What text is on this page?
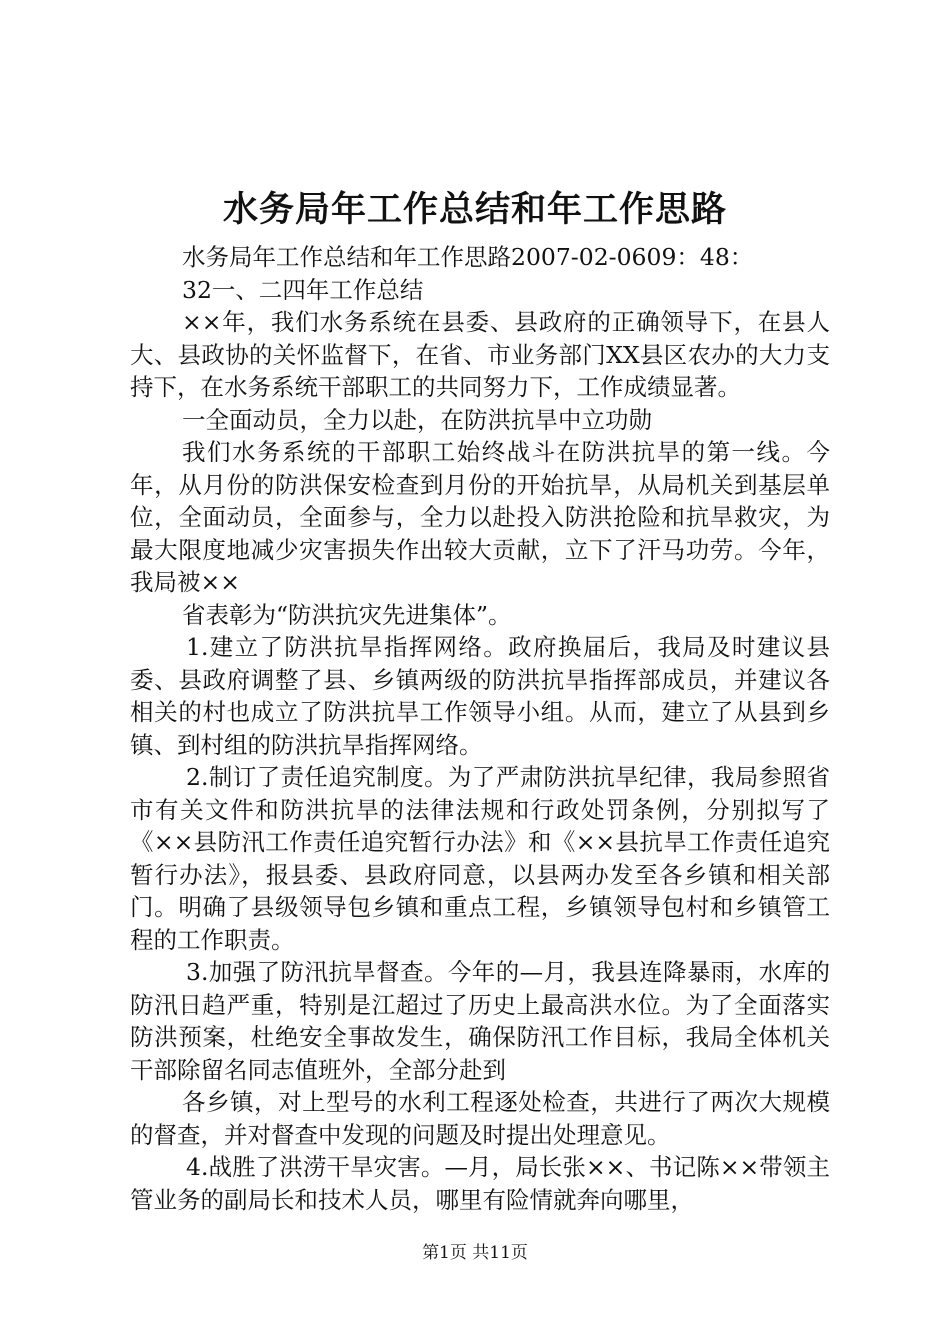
水务局年工作总结和年工作思路

水务局年工作总结和年工作思路2007-02-0609：48：

32一、二四年工作总结

××年，我们水务系统在县委、县政府的正确领导下，在县人大、县政协的关怀监督下，在省、市业务部门XX县区农办的大力支持下，在水务系统干部职工的共同努力下，工作成绩显著。

一全面动员，全力以赴，在防洪抗旱中立功勋

我们水务系统的干部职工始终战斗在防洪抗旱的第一线。今年，从月份的防洪保安检查到月份的开始抗旱，从局机关到基层单位，全面动员，全面参与，全力以赴投入防洪抢险和抗旱救灾，为最大限度地减少灾害损失作出较大贡献，立下了汗马功劳。今年，我局被××

省表彰为“防洪抗灾先进集体”。

1.建立了防洪抗旱指挥网络。政府换届后，我局及时建议县委、县政府调整了县、乡镇两级的防洪抗旱指挥部成员，并建议各相关的村也成立了防洪抗旱工作领导小组。从而，建立了从县到乡镇、到村组的防洪抗旱指挥网络。

2.制订了责任追究制度。为了严肃防洪抗旱纪律，我局参照省市有关文件和防洪抗旱的法律法规和行政处罚条例，分别拟写了《××县防汛工作责任追究暂行办法》和《××县抗旱工作责任追究暂行办法》，报县委、县政府同意，以县两办发至各乡镇和相关部门。明确了县级领导包乡镇和重点工程，乡镇领导包村和乡镇管工程的工作职责。

3.加强了防汛抗旱督查。今年的—月，我县连降暴雨，水库的防汛日趋严重，特别是江超过了历史上最高洪水位。为了全面落实防洪预案，杜绝安全事故发生，确保防汛工作目标，我局全体机关干部除留名同志值班外，全部分赴到

各乡镇，对上型号的水利工程逐处检查，共进行了两次大规模的督查，并对督查中发现的问题及时提出处理意见。

4.战胜了洪涝干旱灾害。—月，局长张××、书记陈××带领主管业务的副局长和技术人员，哪里有险情就奔向哪里，

第1页 共11页
